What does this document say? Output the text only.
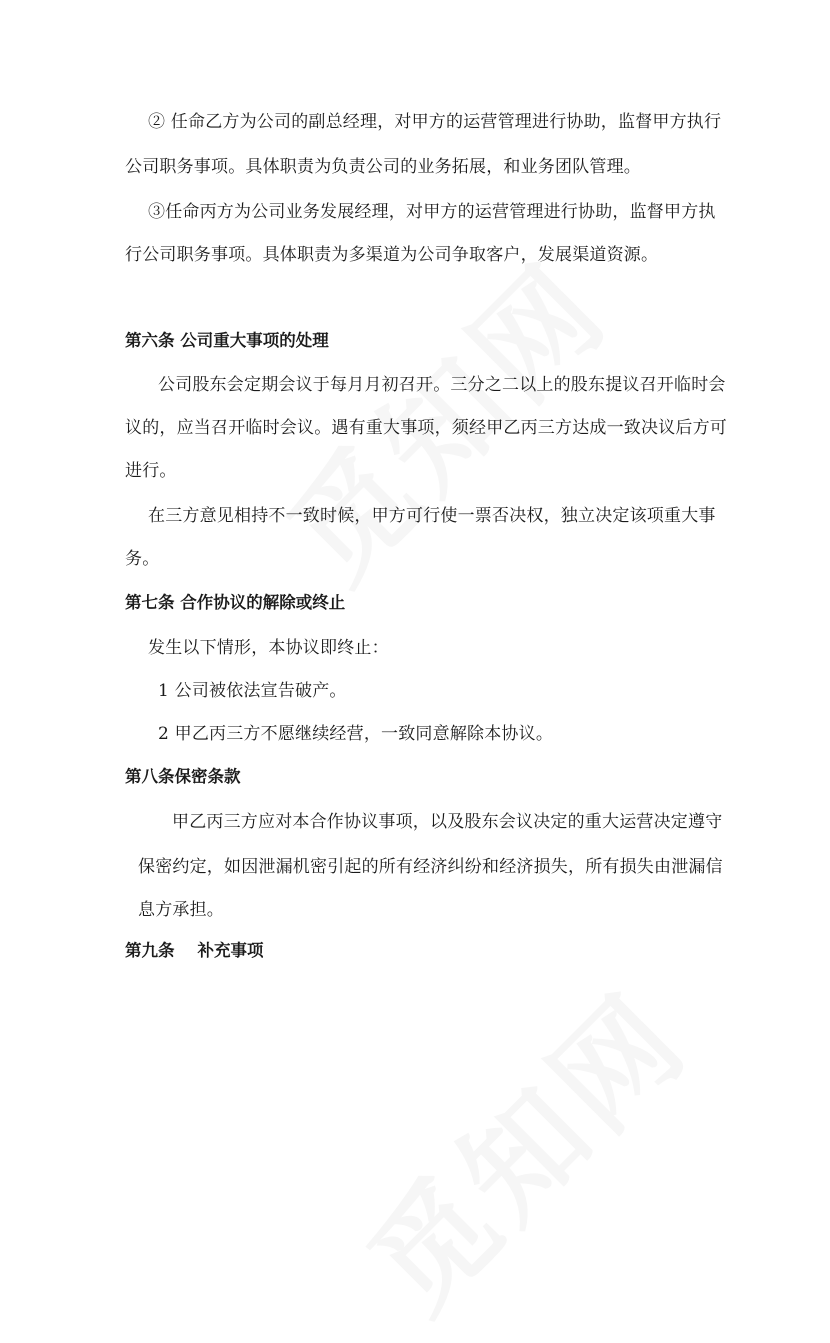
② 任命乙方为公司的副总经理，对甲方的运营管理进行协助，监督甲方执行
公司职务事项。具体职责为负责公司的业务拓展，和业务团队管理。
③任命丙方为公司业务发展经理，对甲方的运营管理进行协助，监督甲方执
行公司职务事项。具体职责为多渠道为公司争取客户，发展渠道资源。
第六条 公司重大事项的处理
公司股东会定期会议于每月月初召开。三分之二以上的股东提议召开临时会
议的，应当召开临时会议。遇有重大事项，须经甲乙丙三方达成一致决议后方可
进行。
在三方意见相持不一致时候，甲方可行使一票否决权，独立决定该项重大事
务。
第七条 合作协议的解除或终止
发生以下情形，本协议即终止：
1 公司被依法宣告破产。
2 甲乙丙三方不愿继续经营，一致同意解除本协议。
第八条保密条款
甲乙丙三方应对本合作协议事项，以及股东会议决定的重大运营决定遵守
保密约定，如因泄漏机密引起的所有经济纠纷和经济损失，所有损失由泄漏信
息方承担。
第九条    补充事项
